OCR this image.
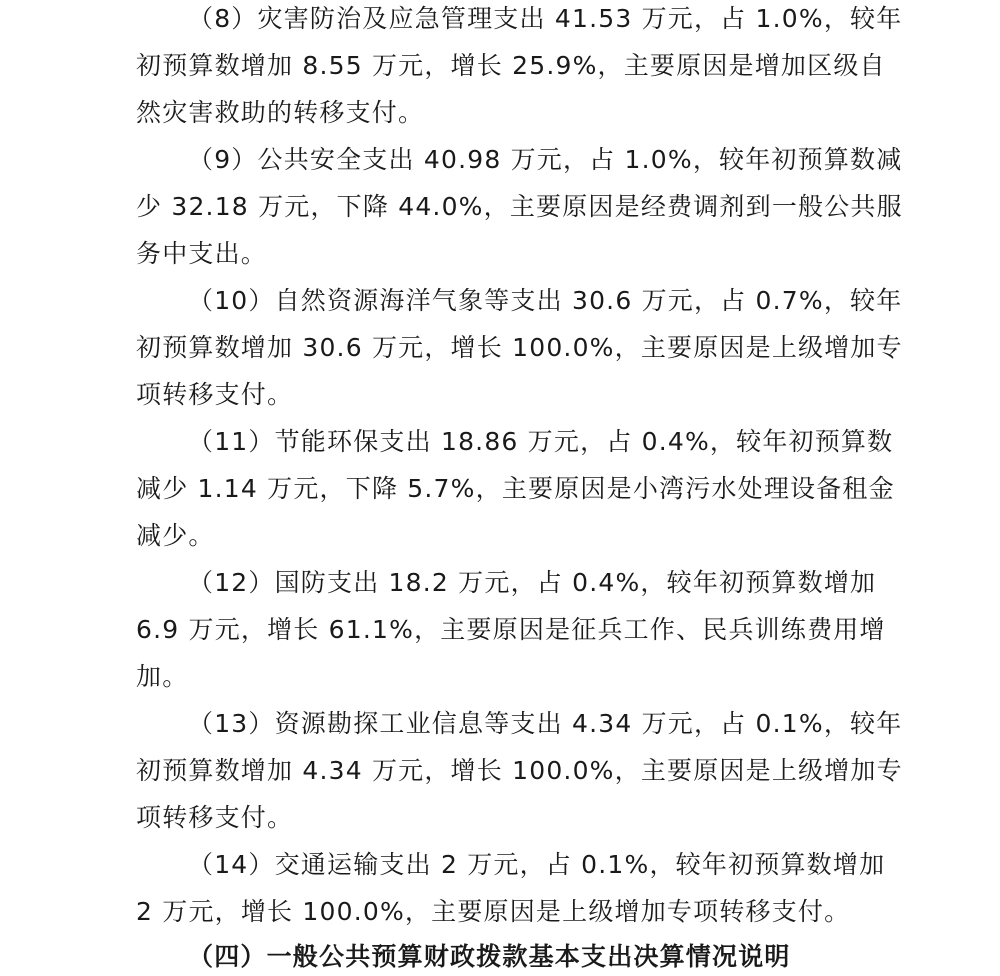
（8）灾害防治及应急管理支出 41.53 万元，占 1.0%，较年
初预算数增加 8.55 万元，增长 25.9%，主要原因是增加区级自
然灾害救助的转移支付。
（9）公共安全支出 40.98 万元，占 1.0%，较年初预算数减
少 32.18 万元，下降 44.0%，主要原因是经费调剂到一般公共服
务中支出。
（10）自然资源海洋气象等支出 30.6 万元，占 0.7%，较年
初预算数增加 30.6 万元，增长 100.0%，主要原因是上级增加专
项转移支付。
（11）节能环保支出 18.86 万元，占 0.4%，较年初预算数
减少 1.14 万元，下降 5.7%，主要原因是小湾污水处理设备租金
减少。
（12）国防支出 18.2 万元，占 0.4%，较年初预算数增加
6.9 万元，增长 61.1%，主要原因是征兵工作、民兵训练费用增
加。
（13）资源勘探工业信息等支出 4.34 万元，占 0.1%，较年
初预算数增加 4.34 万元，增长 100.0%，主要原因是上级增加专
项转移支付。
（14）交通运输支出 2 万元，占 0.1%，较年初预算数增加
2 万元，增长 100.0%，主要原因是上级增加专项转移支付。
（四）一般公共预算财政拨款基本支出决算情况说明
